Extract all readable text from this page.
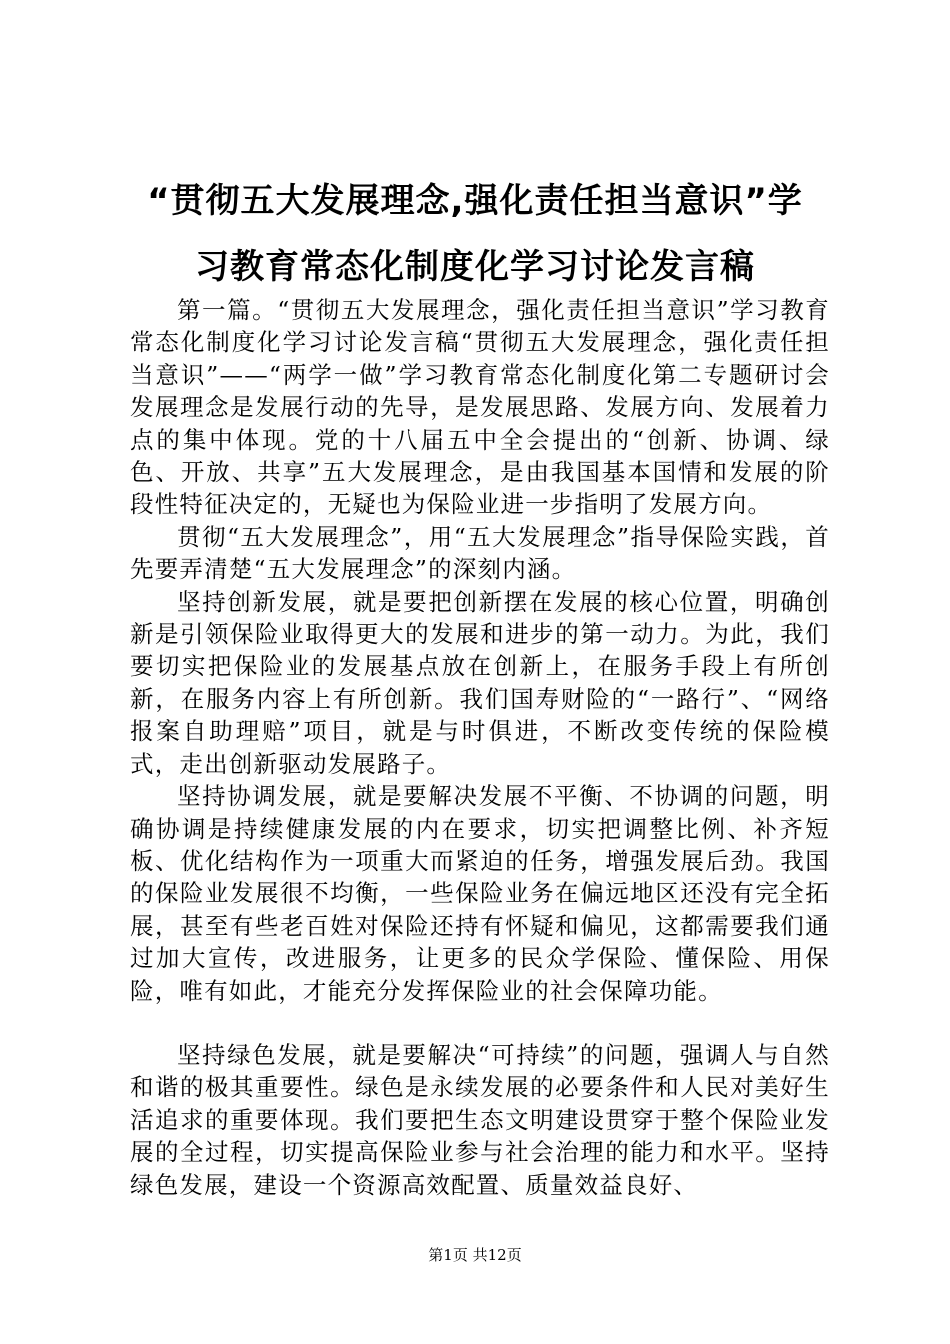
“贯彻五大发展理念,强化责任担当意识”学
习教育常态化制度化学习讨论发言稿

第一篇。“贯彻五大发展理念，强化责任担当意识”学习教育常态化制度化学习讨论发言稿“贯彻五大发展理念，强化责任担当意识”——“两学一做”学习教育常态化制度化第二专题研讨会发展理念是发展行动的先导，是发展思路、发展方向、发展着力点的集中体现。党的十八届五中全会提出的“创新、协调、绿色、开放、共享”五大发展理念，是由我国基本国情和发展的阶段性特征决定的，无疑也为保险业进一步指明了发展方向。

贯彻“五大发展理念”，用“五大发展理念”指导保险实践，首先要弄清楚“五大发展理念”的深刻内涵。

坚持创新发展，就是要把创新摆在发展的核心位置，明确创新是引领保险业取得更大的发展和进步的第一动力。为此，我们要切实把保险业的发展基点放在创新上，在服务手段上有所创新，在服务内容上有所创新。我们国寿财险的“一路行”、“网络报案自助理赔”项目，就是与时俱进，不断改变传统的保险模式，走出创新驱动发展路子。

坚持协调发展，就是要解决发展不平衡、不协调的问题，明确协调是持续健康发展的内在要求，切实把调整比例、补齐短板、优化结构作为一项重大而紧迫的任务，增强发展后劲。我国的保险业发展很不均衡，一些保险业务在偏远地区还没有完全拓展，甚至有些老百姓对保险还持有怀疑和偏见，这都需要我们通过加大宣传，改进服务，让更多的民众学保险、懂保险、用保险，唯有如此，才能充分发挥保险业的社会保障功能。

坚持绿色发展，就是要解决“可持续”的问题，强调人与自然和谐的极其重要性。绿色是永续发展的必要条件和人民对美好生活追求的重要体现。我们要把生态文明建设贯穿于整个保险业发展的全过程，切实提高保险业参与社会治理的能力和水平。坚持绿色发展，建设一个资源高效配置、质量效益良好、

第1页 共12页
